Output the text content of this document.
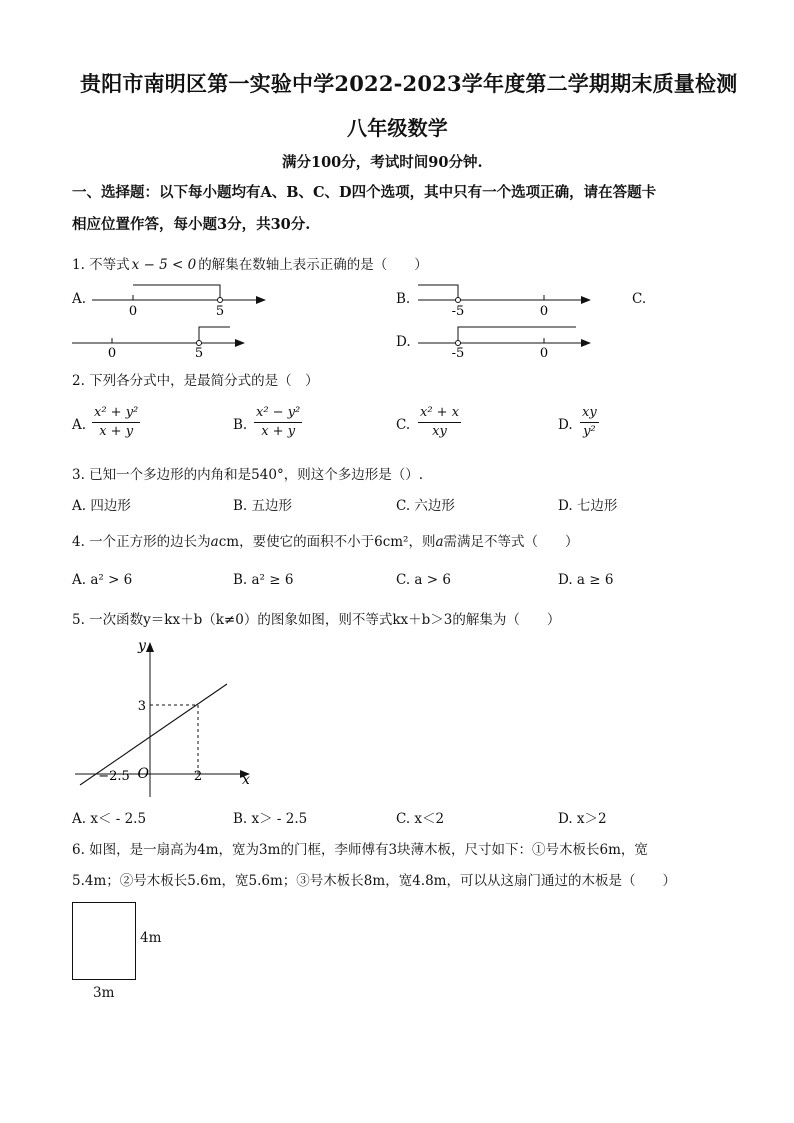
贵阳市南明区第一实验中学2022-2023学年度第二学期期末质量检测
八年级数学
满分100分，考试时间90分钟.
一、选择题：以下每小题均有A、B、C、D四个选项，其中只有一个选项正确，请在答题卡
相应位置作答，每小题3分，共30分.
1. 不等式 x − 5 < 0 的解集在数轴上表示正确的是（　　）
A.
0	5
B.
-5	0
C.
0	5
D.
-5	0
2. 下列各分式中，是最简分式的是（　）
A. $\frac{\text{x² + y²}}{x + y}$	B. $\frac{\text{x² − y²}}{x + y}$	C. $\frac{\text{x² + x}}{xy}$	D. $\frac{xy}{\text{y²}}$
3. 已知一个多边形的内角和是540°，则这个多边形是（）.
A. 四边形	B. 五边形	C. 六边形	D. 七边形
4. 一个正方形的边长为acm，要使它的面积不小于6cm²，则a需满足不等式（　　）
A. a² > 6	B. a² ≥ 6	C. a > 6	D. a ≥ 6
5. 一次函数y＝kx＋b（k≠0）的图象如图，则不等式kx＋b＞3的解集为（　　）
y
x
O
3
2
−2.5
A. x＜ - 2.5	B. x＞ - 2.5	C. x＜2	D. x＞2
6. 如图，是一扇高为4m，宽为3m的门框，李师傅有3块薄木板，尺寸如下：①号木板长6m，宽
5.4m；②号木板长5.6m，宽5.6m；③号木板长8m，宽4.8m，可以从这扇门通过的木板是（　　）
4m
3m
